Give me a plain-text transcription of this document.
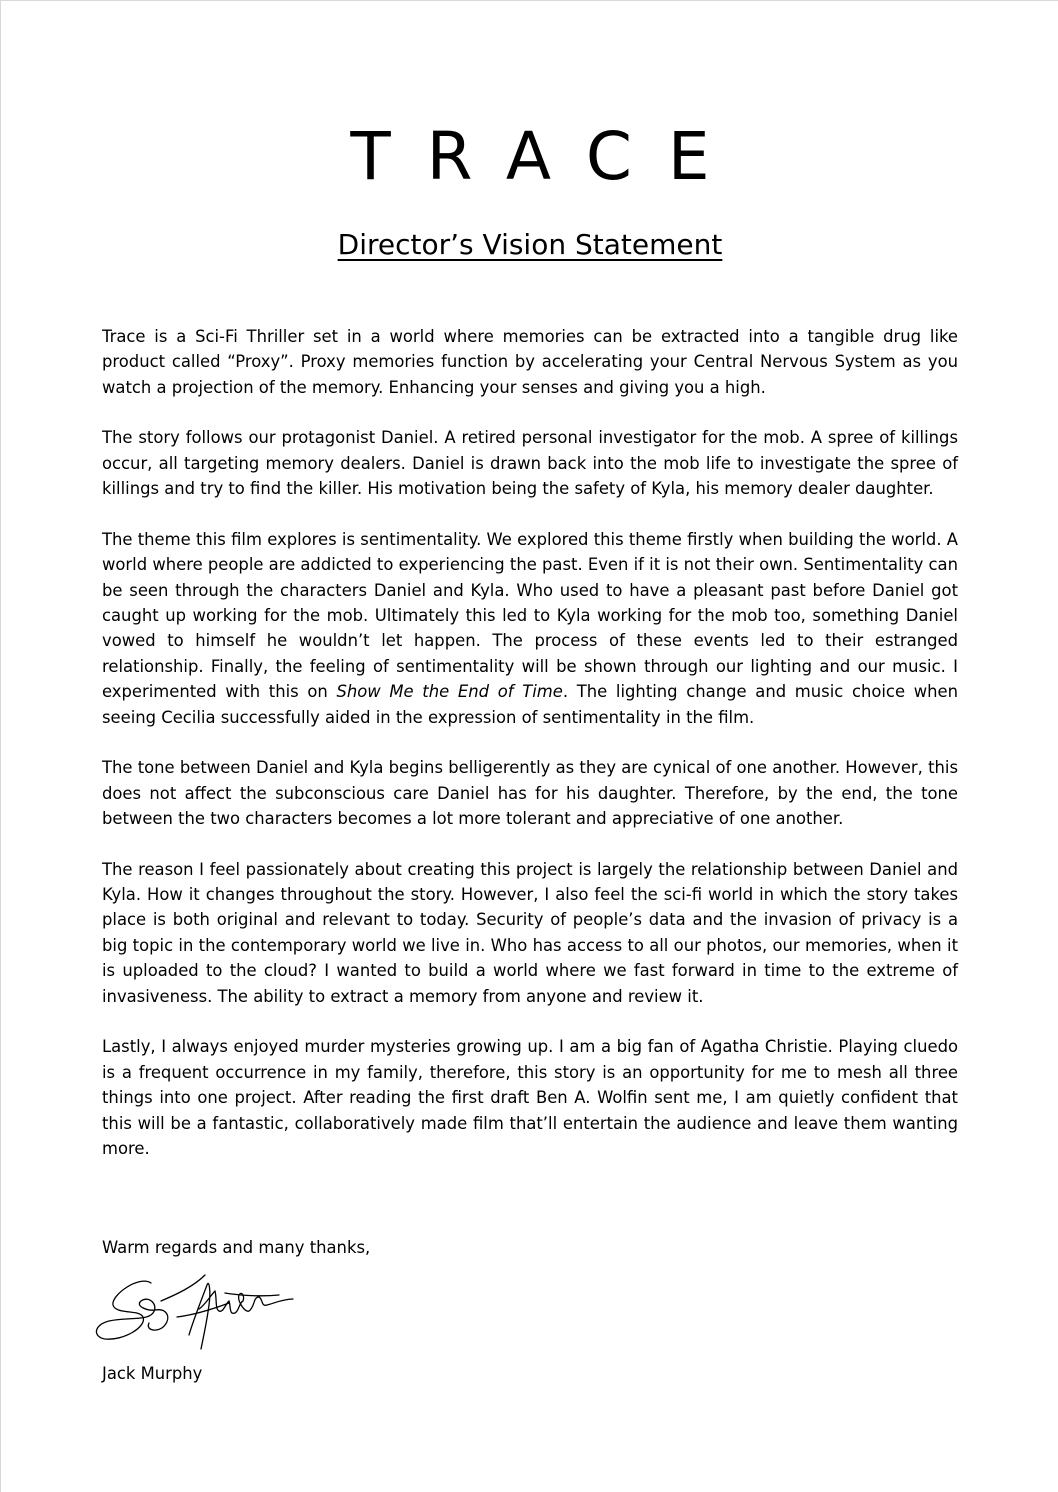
TRACE
Director’s Vision Statement

Trace is a Sci-Fi Thriller set in a world where memories can be extracted into a tangible drug like product called “Proxy”. Proxy memories function by accelerating your Central Nervous System as you watch a projection of the memory. Enhancing your senses and giving you a high.

The story follows our protagonist Daniel. A retired personal investigator for the mob. A spree of killings occur, all targeting memory dealers. Daniel is drawn back into the mob life to investigate the spree of killings and try to find the killer. His motivation being the safety of Kyla, his memory dealer daughter.

The theme this film explores is sentimentality. We explored this theme firstly when building the world. A world where people are addicted to experiencing the past. Even if it is not their own. Sentimentality can be seen through the characters Daniel and Kyla. Who used to have a pleasant past before Daniel got caught up working for the mob. Ultimately this led to Kyla working for the mob too, something Daniel vowed to himself he wouldn’t let happen. The process of these events led to their estranged relationship. Finally, the feeling of sentimentality will be shown through our lighting and our music. I experimented with this on Show Me the End of Time. The lighting change and music choice when seeing Cecilia successfully aided in the expression of sentimentality in the film.

The tone between Daniel and Kyla begins belligerently as they are cynical of one another. However, this does not affect the subconscious care Daniel has for his daughter. Therefore, by the end, the tone between the two characters becomes a lot more tolerant and appreciative of one another.

The reason I feel passionately about creating this project is largely the relationship between Daniel and Kyla. How it changes throughout the story. However, I also feel the sci-fi world in which the story takes place is both original and relevant to today. Security of people’s data and the invasion of privacy is a big topic in the contemporary world we live in. Who has access to all our photos, our memories, when it is uploaded to the cloud? I wanted to build a world where we fast forward in time to the extreme of invasiveness. The ability to extract a memory from anyone and review it.

Lastly, I always enjoyed murder mysteries growing up. I am a big fan of Agatha Christie. Playing cluedo is a frequent occurrence in my family, therefore, this story is an opportunity for me to mesh all three things into one project. After reading the first draft Ben A. Wolfin sent me, I am quietly confident that this will be a fantastic, collaboratively made film that’ll entertain the audience and leave them wanting more.

Warm regards and many thanks,
Jack Murphy
